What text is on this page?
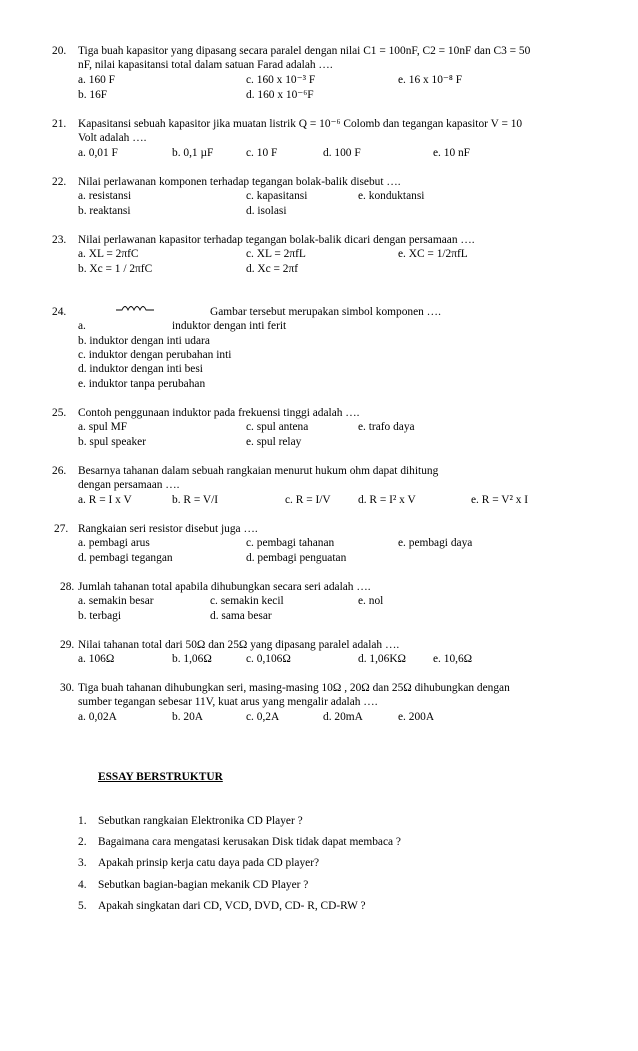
20. Tiga buah kapasitor yang dipasang secara paralel dengan nilai C1 = 100nF, C2 = 10nF dan C3 = 50
nF, nilai kapasitansi total dalam satuan Farad adalah ….
a. 160 F	c. 160 x 10⁻³ F	e. 16 x 10⁻⁸ F
b. 16F	d. 160 x 10⁻⁶F
21. Kapasitansi sebuah kapasitor jika muatan listrik Q = 10⁻⁶ Colomb dan tegangan kapasitor V = 10
Volt adalah ….
a. 0,01 F	b. 0,1 µF	c. 10 F	d. 100 F	e. 10 nF
22. Nilai perlawanan komponen terhadap tegangan bolak-balik disebut ….
a. resistansi	c. kapasitansi	e. konduktansi
b. reaktansi	d. isolasi
23. Nilai perlawanan kapasitor terhadap tegangan bolak-balik dicari dengan persamaan ….
a. XL = 2πfC	c. XL = 2πfL	e. XC = 1/2πfL
b. Xc = 1 / 2πfC	d. Xc = 2πf
24.	Gambar tersebut merupakan simbol komponen ….
a.	induktor dengan inti ferit
b. induktor dengan inti udara
c. induktor dengan perubahan inti
d. induktor dengan inti besi
e. induktor tanpa perubahan
25. Contoh penggunaan induktor pada frekuensi tinggi adalah ….
a. spul MF	c. spul antena	e. trafo daya
b. spul speaker	e. spul relay
26. Besarnya tahanan dalam sebuah rangkaian menurut hukum ohm dapat dihitung
dengan persamaan ….
a. R = I x V	b. R = V/I	c. R = I/V d. R = I² x V	e. R = V² x I
27. Rangkaian seri resistor disebut juga ….
a. pembagi arus	c. pembagi tahanan	e. pembagi daya
d. pembagi tegangan	d. pembagi penguatan
28. Jumlah tahanan total apabila dihubungkan secara seri adalah ….
a. semakin besar	c. semakin kecil	e. nol
b. terbagi	d. sama besar
29. Nilai tahanan total dari 50Ω dan 25Ω yang dipasang paralel adalah ….
a. 106Ω	b. 1,06Ω	c. 0,106Ω	d. 1,06KΩ e. 10,6Ω
30. Tiga buah tahanan dihubungkan seri, masing-masing 10Ω , 20Ω dan 25Ω dihubungkan dengan
sumber tegangan sebesar 11V, kuat arus yang mengalir adalah ….
a. 0,02A	b. 20A	c. 0,2A	d. 20mA	e. 200A
ESSAY BERSTRUKTUR
1. Sebutkan rangkaian Elektronika CD Player ?
2. Bagaimana cara mengatasi kerusakan Disk tidak dapat membaca ?
3. Apakah prinsip kerja catu daya pada CD player?
4. Sebutkan bagian-bagian mekanik CD Player ?
5. Apakah singkatan dari CD, VCD, DVD, CD- R, CD-RW ?
